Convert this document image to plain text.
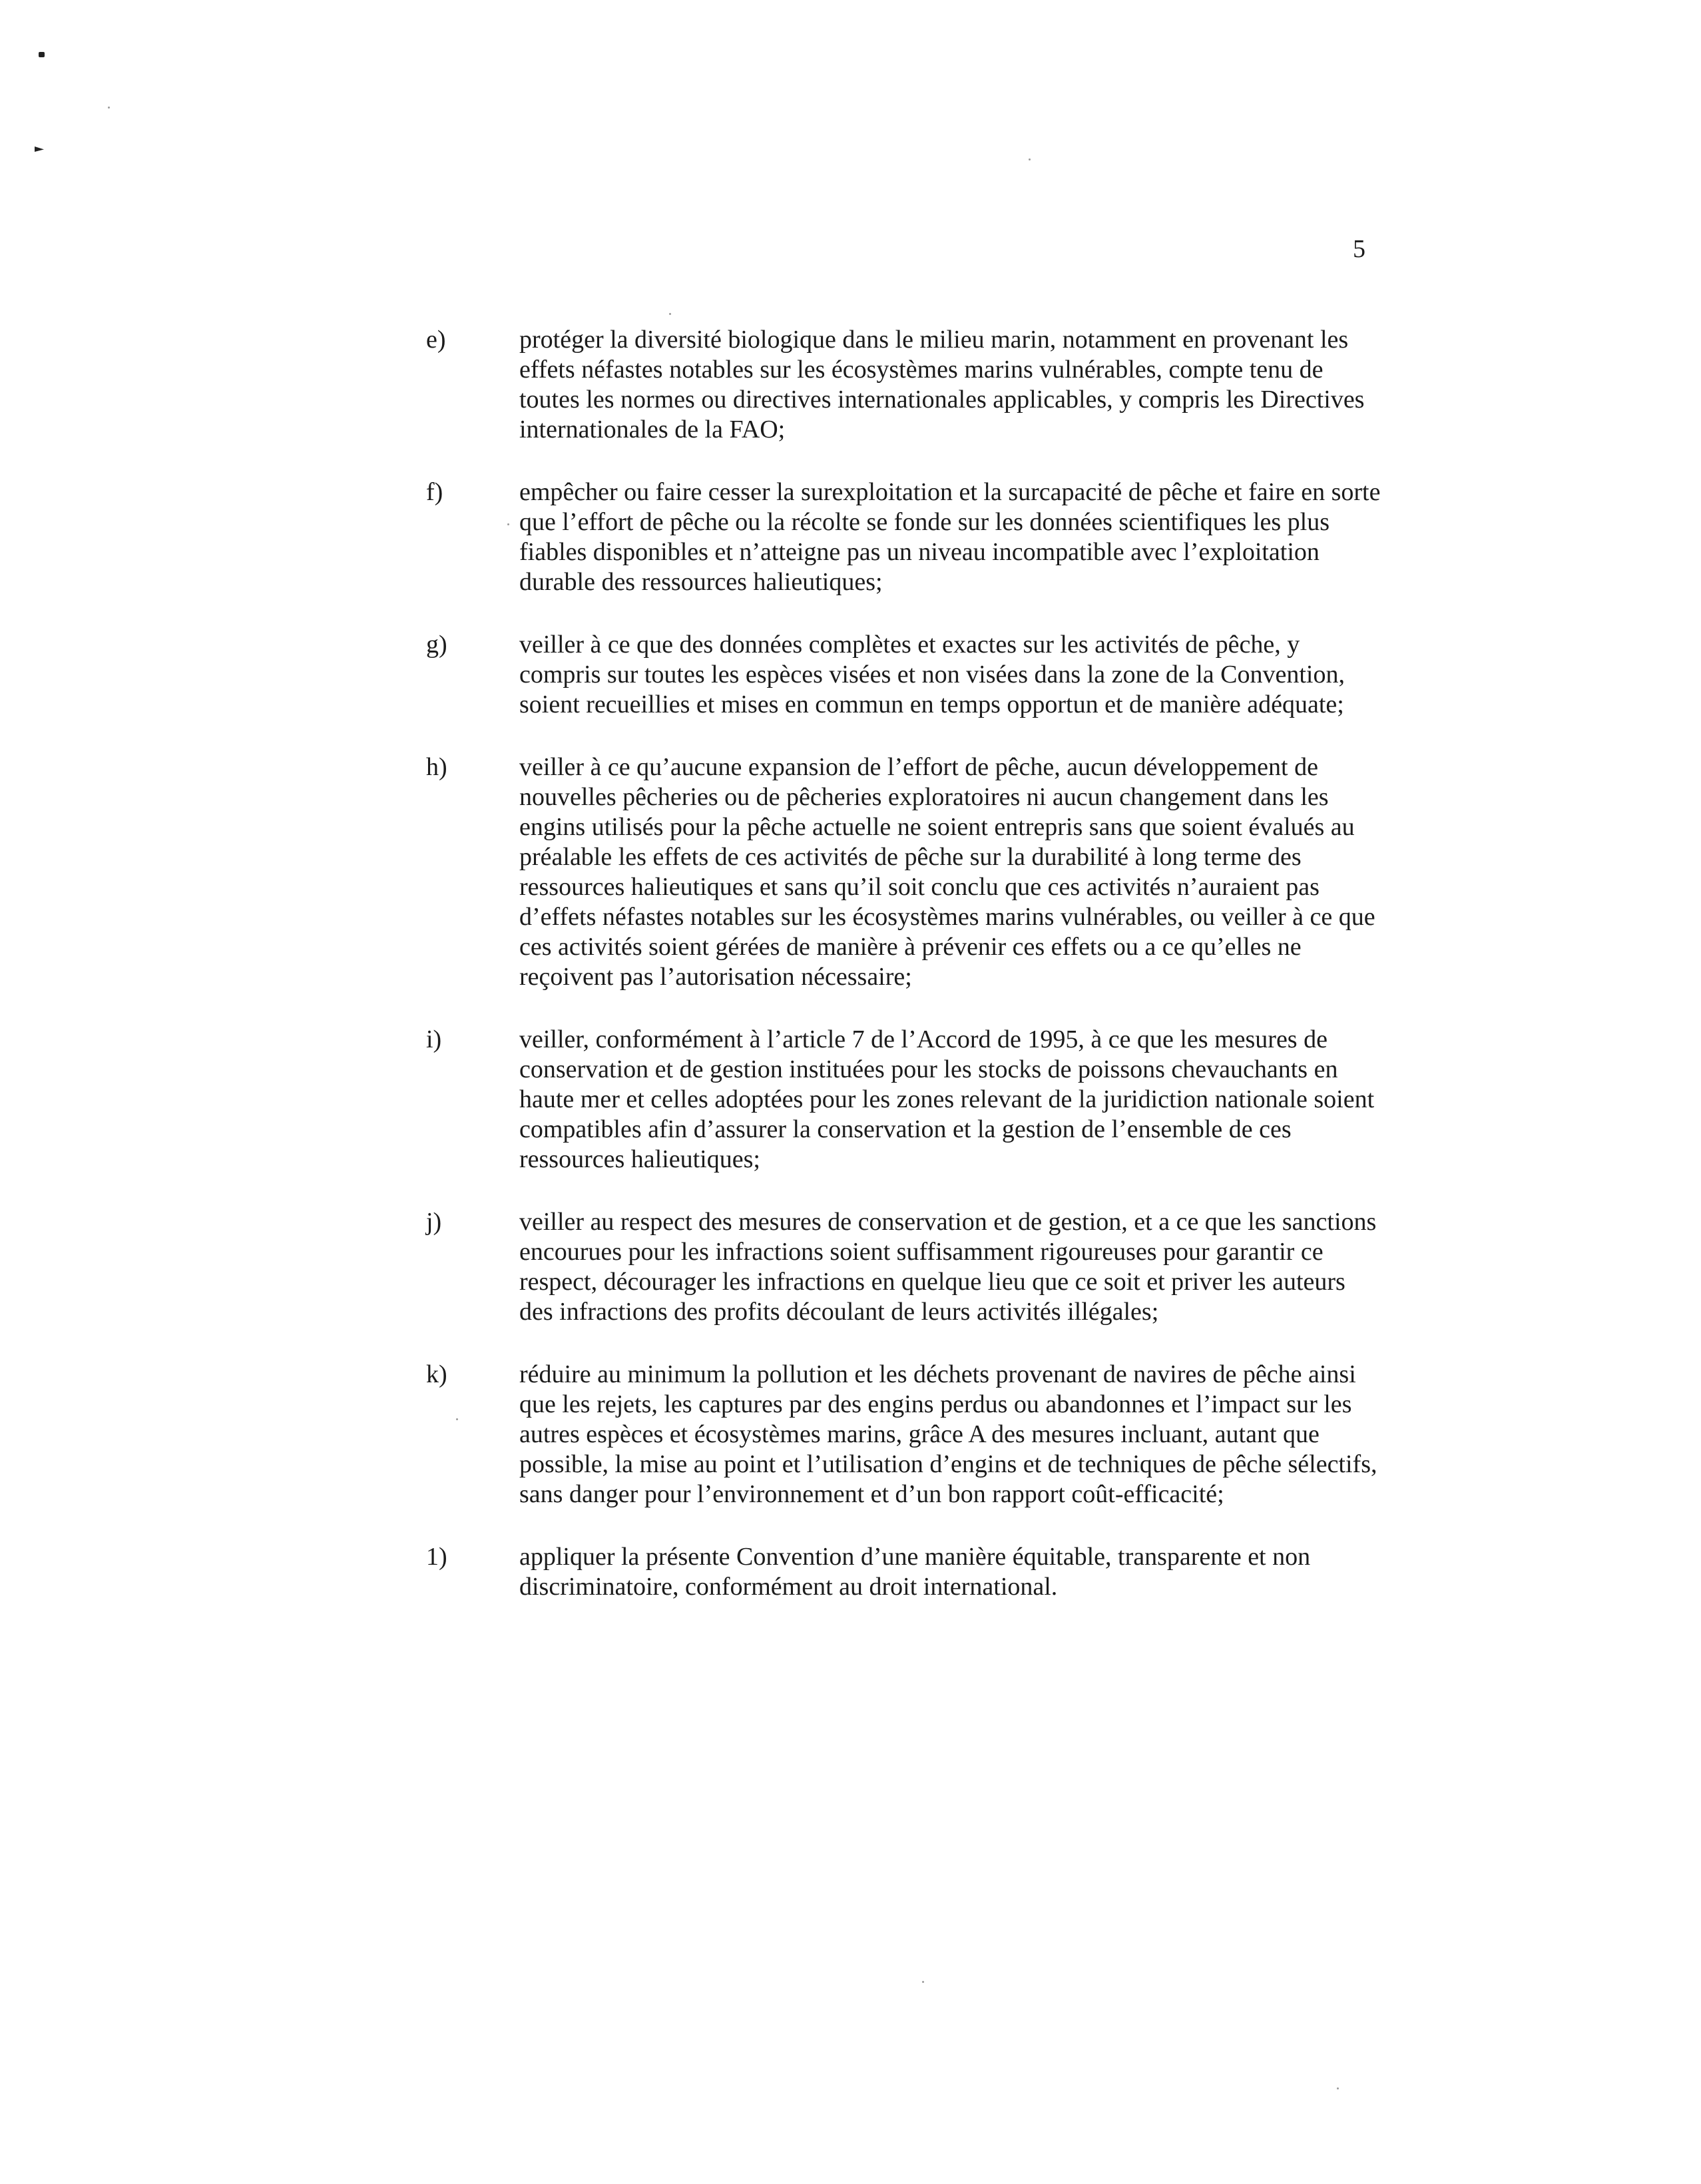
5
e)	protéger la diversité biologique dans le milieu marin, notamment en provenant les effets néfastes notables sur les écosystèmes marins vulnérables, compte tenu de toutes les normes ou directives internationales applicables, y compris les Directives internationales de la FAO;
f)	empêcher ou faire cesser la surexploitation et la surcapacité de pêche et faire en sorte que l’effort de pêche ou la récolte se fonde sur les données scientifiques les plus fiables disponibles et n’atteigne pas un niveau incompatible avec l’exploitation durable des ressources halieutiques;
g)	veiller à ce que des données complètes et exactes sur les activités de pêche, y compris sur toutes les espèces visées et non visées dans la zone de la Convention, soient recueillies et mises en commun en temps opportun et de manière adéquate;
h)	veiller à ce qu’aucune expansion de l’effort de pêche, aucun développement de nouvelles pêcheries ou de pêcheries exploratoires ni aucun changement dans les engins utilisés pour la pêche actuelle ne soient entrepris sans que soient évalués au préalable les effets de ces activités de pêche sur la durabilité à long terme des ressources halieutiques et sans qu’il soit conclu que ces activités n’auraient pas d’effets néfastes notables sur les écosystèmes marins vulnérables, ou veiller à ce que ces activités soient gérées de manière à prévenir ces effets ou a ce qu’elles ne reçoivent pas l’autorisation nécessaire;
i)	veiller, conformément à l’article 7 de l’Accord de 1995, à ce que les mesures de conservation et de gestion instituées pour les stocks de poissons chevauchants en haute mer et celles adoptées pour les zones relevant de la juridiction nationale soient compatibles afin d’assurer la conservation et la gestion de l’ensemble de ces ressources halieutiques;
j)	veiller au respect des mesures de conservation et de gestion, et a ce que les sanctions encourues pour les infractions soient suffisamment rigoureuses pour garantir ce respect, décourager les infractions en quelque lieu que ce soit et priver les auteurs des infractions des profits découlant de leurs activités illégales;
k)	réduire au minimum la pollution et les déchets provenant de navires de pêche ainsi que les rejets, les captures par des engins perdus ou abandonnes et l’impact sur les autres espèces et écosystèmes marins, grâce A des mesures incluant, autant que possible, la mise au point et l’utilisation d’engins et de techniques de pêche sélectifs, sans danger pour l’environnement et d’un bon rapport coût-efficacité;
1)	appliquer la présente Convention d’une manière équitable, transparente et non discriminatoire, conformément au droit international.
